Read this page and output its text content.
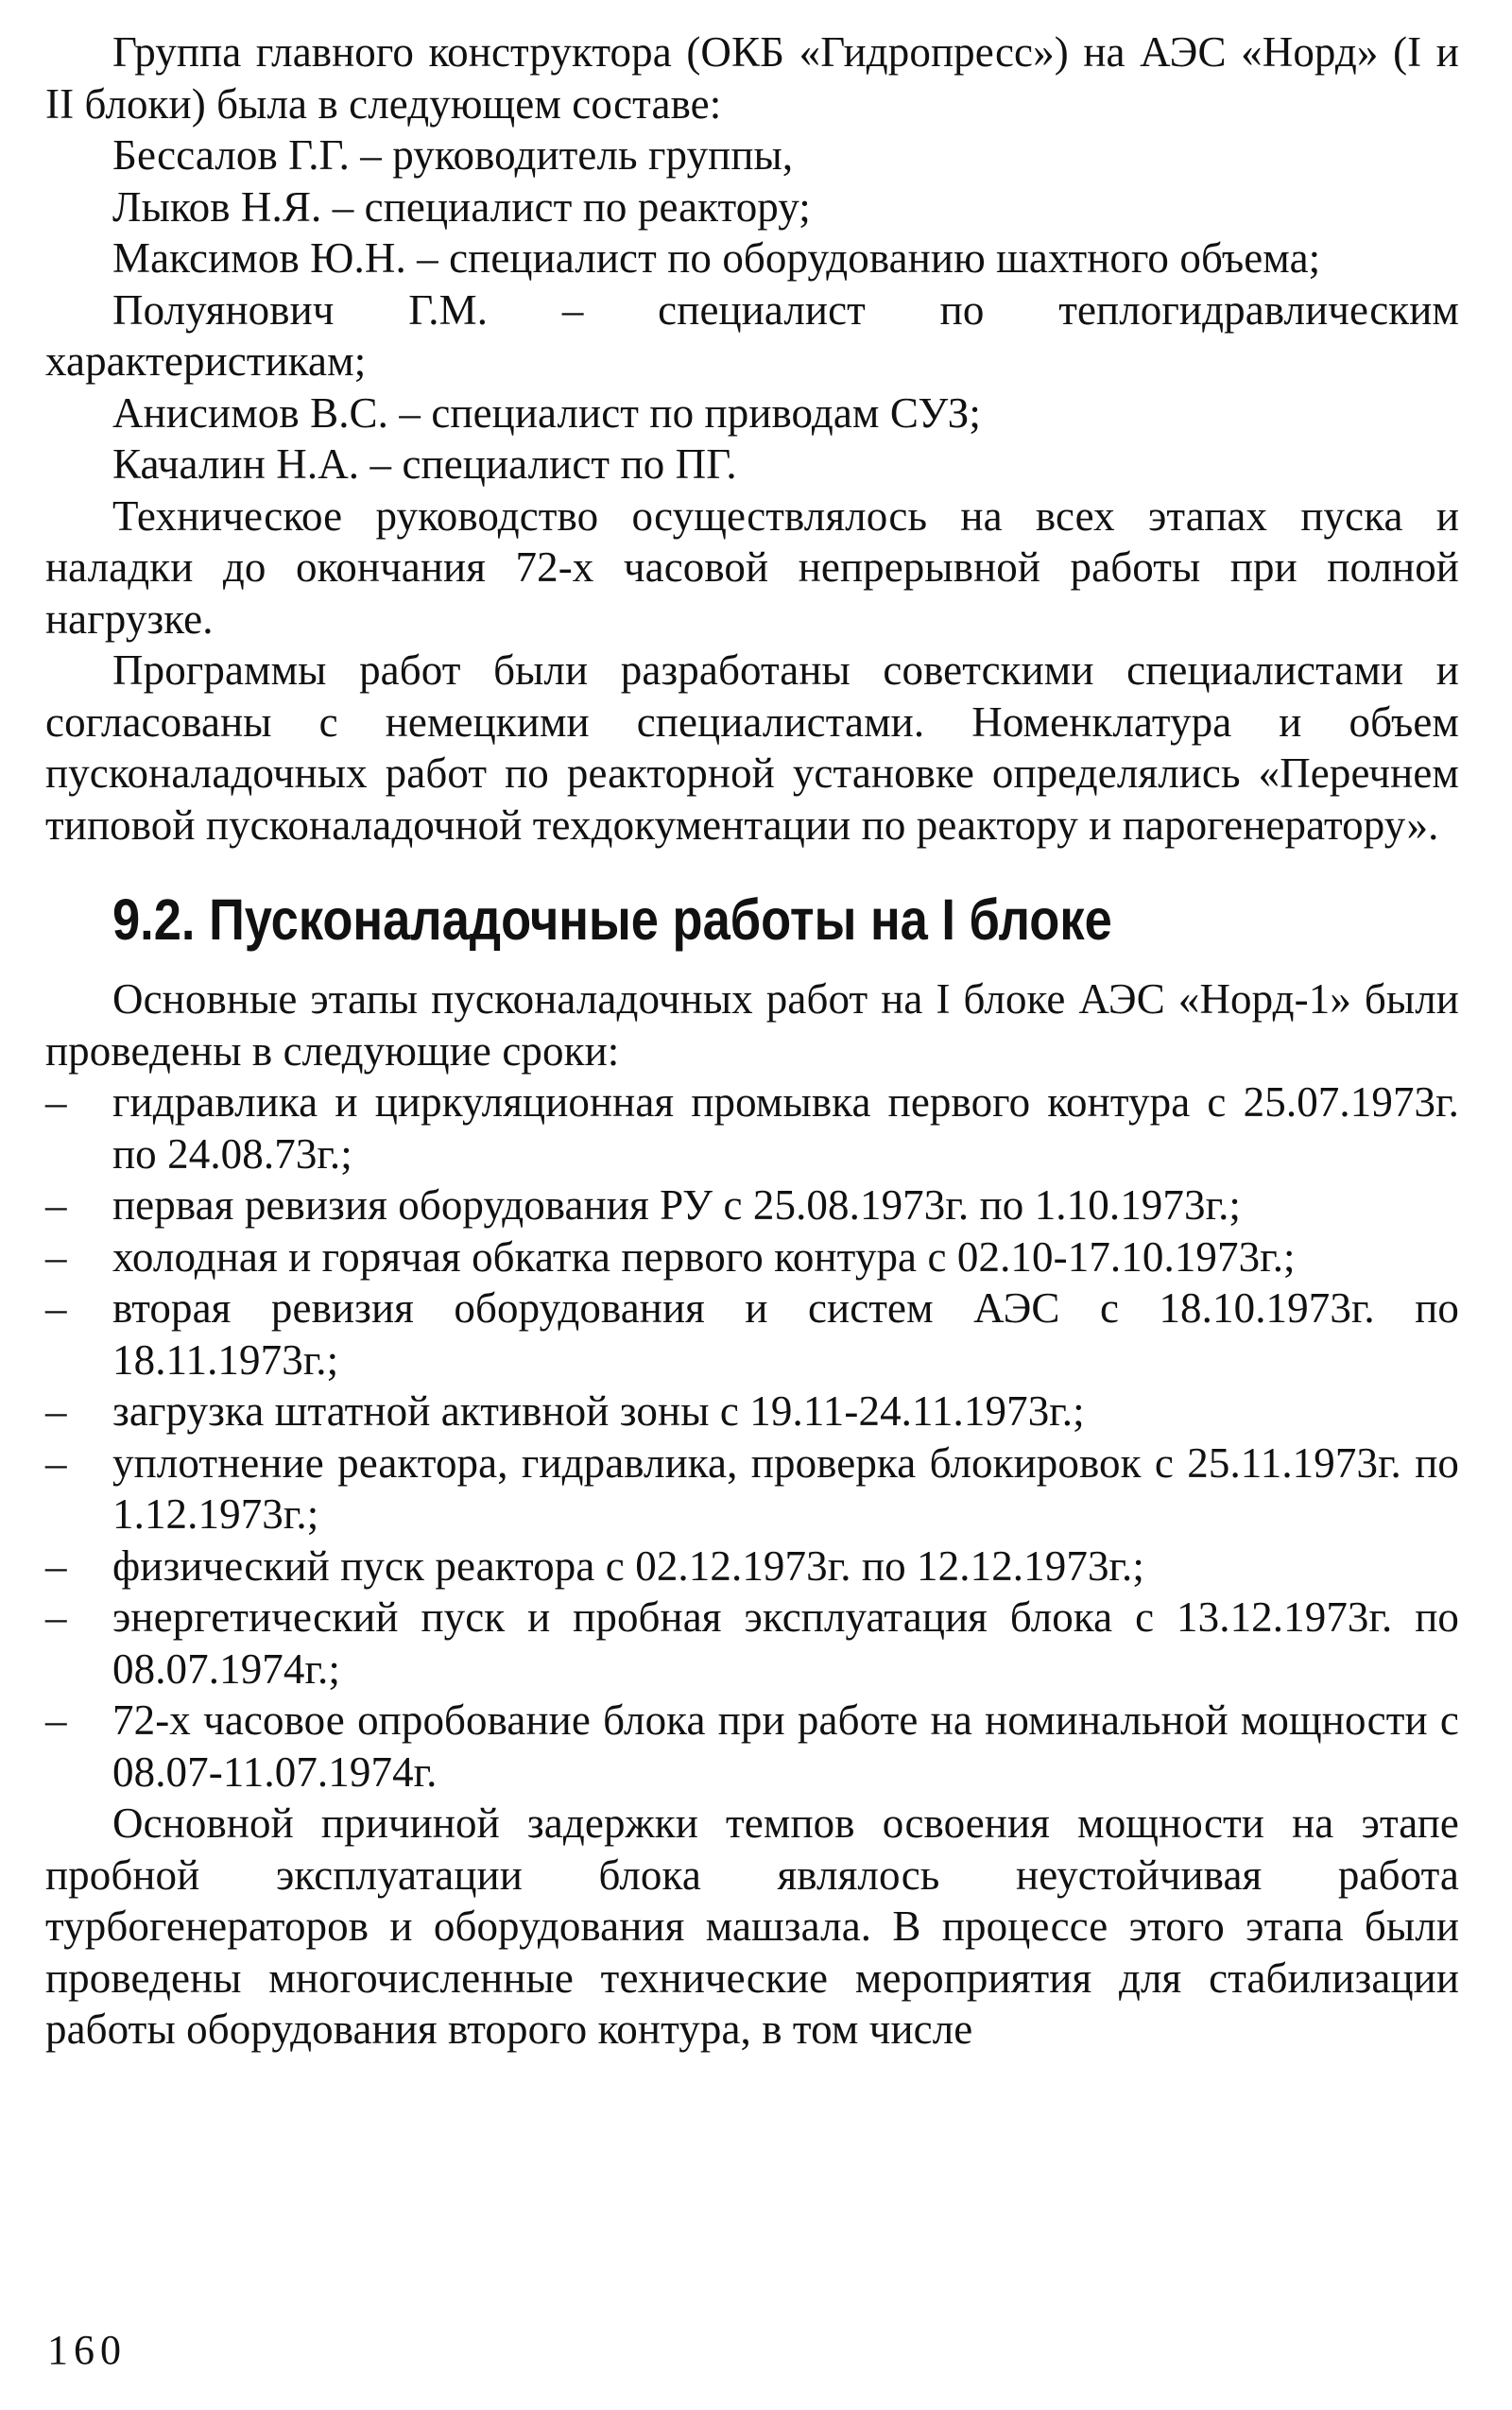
Группа главного конструктора (ОКБ «Гидропресс») на АЭС «Норд» (I и II блоки) была в следующем составе:

Бессалов Г.Г. – руководитель группы,

Лыков Н.Я. – специалист по реактору;

Максимов Ю.Н. – специалист по оборудованию шахтного объема;

Полуянович Г.М. – специалист по теплогидравлическим характеристикам;

Анисимов В.С. – специалист по приводам СУЗ;

Качалин Н.А. – специалист по ПГ.

Техническое руководство осуществлялось на всех этапах пуска и наладки до окончания 72-х часовой непрерывной работы при полной нагрузке.

Программы работ были разработаны советскими специалистами и согласованы с немецкими специалистами. Номенклатура и объем пусконаладочных работ по реакторной установке определялись «Перечнем типовой пусконаладочной техдокументации по реактору и парогенератору».

9.2. Пусконаладочные работы на I блоке

Основные этапы пусконаладочных работ на I блоке АЭС «Норд-1» были проведены в следующие сроки:

– гидравлика и циркуляционная промывка первого контура с 25.07.1973г. по 24.08.73г.;
– первая ревизия оборудования РУ с 25.08.1973г. по 1.10.1973г.;
– холодная и горячая обкатка первого контура с 02.10-17.10.1973г.;
– вторая ревизия оборудования и систем АЭС с 18.10.1973г. по 18.11.1973г.;
– загрузка штатной активной зоны с 19.11-24.11.1973г.;
– уплотнение реактора, гидравлика, проверка блокировок с 25.11.1973г. по 1.12.1973г.;
– физический пуск реактора с 02.12.1973г. по 12.12.1973г.;
– энергетический пуск и пробная эксплуатация блока с 13.12.1973г. по 08.07.1974г.;
– 72-х часовое опробование блока при работе на номинальной мощности с 08.07-11.07.1974г.

Основной причиной задержки темпов освоения мощности на этапе пробной эксплуатации блока являлось неустойчивая работа турбогенераторов и оборудования машзала. В процессе этого этапа были проведены многочисленные технические мероприятия для стабилизации работы оборудования второго контура, в том числе

160
